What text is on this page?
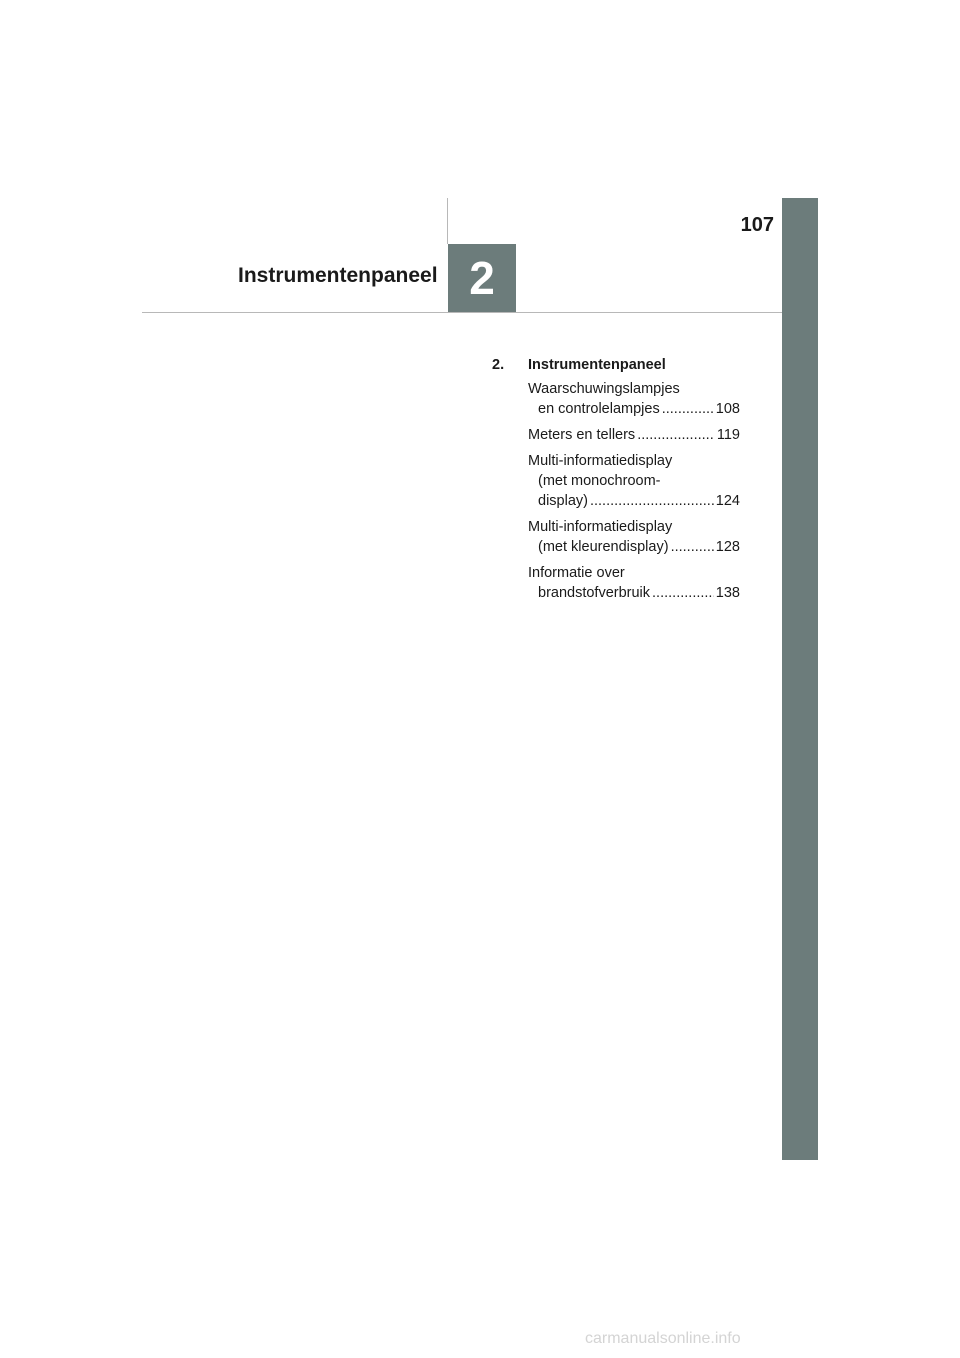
107
Instrumentenpaneel 2
2.	Instrumentenpaneel
Waarschuwingslampjes
en controlelampjes .....	108
Meters en tellers .....	119
Multi-informatiedisplay
(met monochroom-
display) .....	124
Multi-informatiedisplay
(met kleurendisplay) .....	128
Informatie over
brandstofverbruik .....	138
carmanualsonline.info
